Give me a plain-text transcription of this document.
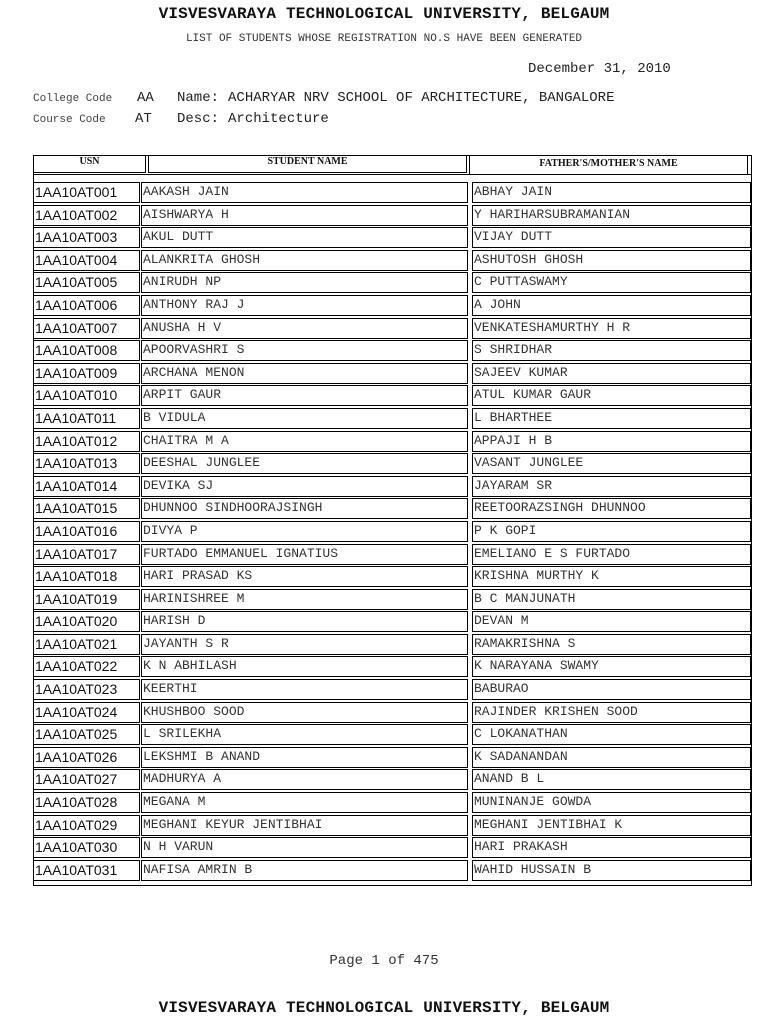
VISVESVARAYA TECHNOLOGICAL UNIVERSITY, BELGAUM
LIST OF STUDENTS WHOSE REGISTRATION NO.S HAVE BEEN GENERATED
December 31, 2010
College Code AA Name: ACHARYAR NRV SCHOOL OF ARCHITECTURE, BANGALORE
Course Code AT Desc: Architecture
USN	STUDENT NAME	FATHER'S/MOTHER'S NAME
1AA10AT001	AAKASH JAIN	ABHAY JAIN
1AA10AT002	AISHWARYA H	Y HARIHARSUBRAMANIAN
1AA10AT003	AKUL DUTT	VIJAY DUTT
1AA10AT004	ALANKRITA GHOSH	ASHUTOSH GHOSH
1AA10AT005	ANIRUDH NP	C PUTTASWAMY
1AA10AT006	ANTHONY RAJ J	A JOHN
1AA10AT007	ANUSHA H V	VENKATESHAMURTHY H R
1AA10AT008	APOORVASHRI S	S SHRIDHAR
1AA10AT009	ARCHANA MENON	SAJEEV KUMAR
1AA10AT010	ARPIT GAUR	ATUL KUMAR GAUR
1AA10AT011	B VIDULA	L BHARTHEE
1AA10AT012	CHAITRA M A	APPAJI H B
1AA10AT013	DEESHAL JUNGLEE	VASANT JUNGLEE
1AA10AT014	DEVIKA SJ	JAYARAM SR
1AA10AT015	DHUNNOO SINDHOORAJSINGH	REETOORAZSINGH DHUNNOO
1AA10AT016	DIVYA P	P K GOPI
1AA10AT017	FURTADO EMMANUEL IGNATIUS	EMELIANO E S FURTADO
1AA10AT018	HARI PRASAD KS	KRISHNA MURTHY K
1AA10AT019	HARINISHREE M	B C MANJUNATH
1AA10AT020	HARISH D	DEVAN M
1AA10AT021	JAYANTH S R	RAMAKRISHNA S
1AA10AT022	K N ABHILASH	K NARAYANA SWAMY
1AA10AT023	KEERTHI	BABURAO
1AA10AT024	KHUSHBOO SOOD	RAJINDER KRISHEN SOOD
1AA10AT025	L SRILEKHA	C LOKANATHAN
1AA10AT026	LEKSHMI B ANAND	K SADANANDAN
1AA10AT027	MADHURYA A	ANAND B L
1AA10AT028	MEGANA M	MUNINANJE GOWDA
1AA10AT029	MEGHANI KEYUR JENTIBHAI	MEGHANI JENTIBHAI K
1AA10AT030	N H VARUN	HARI PRAKASH
1AA10AT031	NAFISA AMRIN B	WAHID HUSSAIN B
Page 1 of 475
VISVESVARAYA TECHNOLOGICAL UNIVERSITY, BELGAUM
